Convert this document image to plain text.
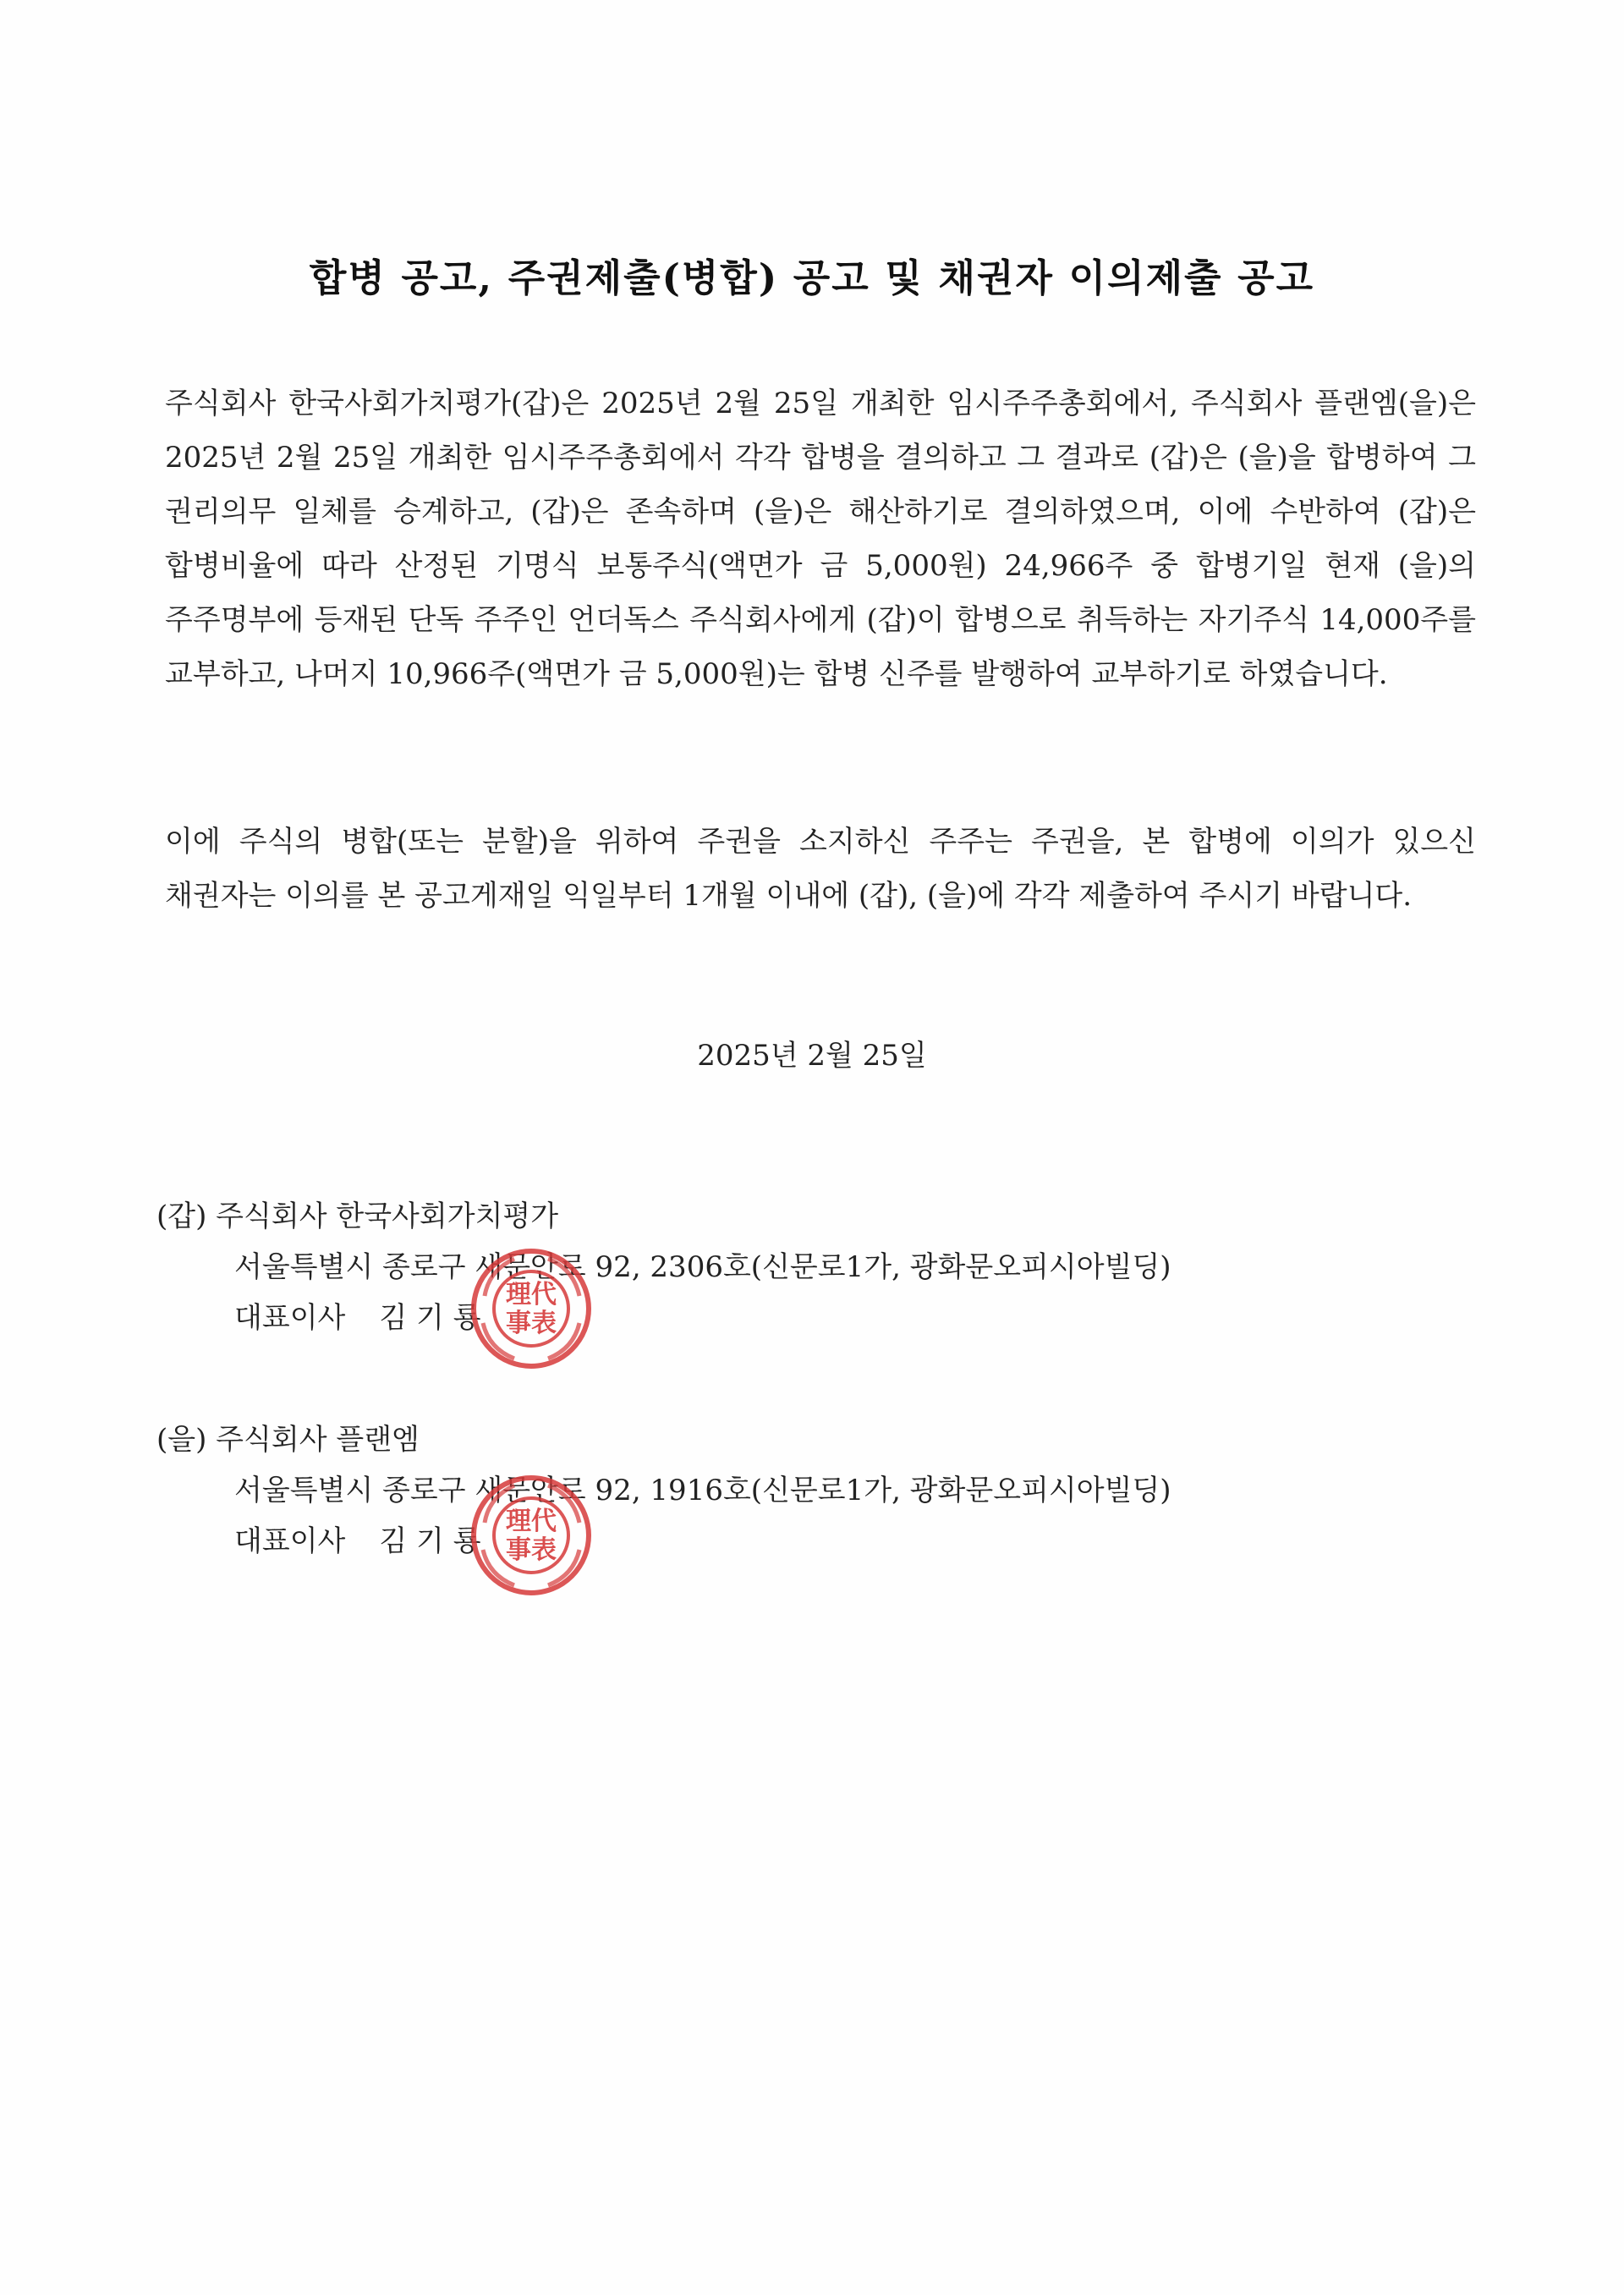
합병 공고, 주권제출(병합) 공고 및 채권자 이의제출 공고
주식회사 한국사회가치평가(갑)은 2025년 2월 25일 개최한 임시주주총회에서, 주식회사 플랜엠(을)은 2025년 2월 25일 개최한 임시주주총회에서 각각 합병을 결의하고 그 결과로 (갑)은 (을)을 합병하여 그 권리의무 일체를 승계하고, (갑)은 존속하며 (을)은 해산하기로 결의하였으며, 이에 수반하여 (갑)은 합병비율에 따라 산정된 기명식 보통주식(액면가 금 5,000원) 24,966주 중 합병기일 현재 (을)의 주주명부에 등재된 단독 주주인 언더독스 주식회사에게 (갑)이 합병으로 취득하는 자기주식 14,000주를 교부하고, 나머지 10,966주(액면가 금 5,000원)는 합병 신주를 발행하여 교부하기로 하였습니다.
이에 주식의 병합(또는 분할)을 위하여 주권을 소지하신 주주는 주권을, 본 합병에 이의가 있으신 채권자는 이의를 본 공고게재일 익일부터 1개월 이내에 (갑), (을)에 각각 제출하여 주시기 바랍니다.
2025년 2월 25일

(갑) 주식회사 한국사회가치평가

서울특별시 종로구 새문안로 92, 2306호(신문로1가, 광화문오피시아빌딩)

대표이사 김 기 룡

理代
事表

(을) 주식회사 플랜엠

서울특별시 종로구 새문안로 92, 1916호(신문로1가, 광화문오피시아빌딩)

대표이사 김 기 룡

理代
事表
